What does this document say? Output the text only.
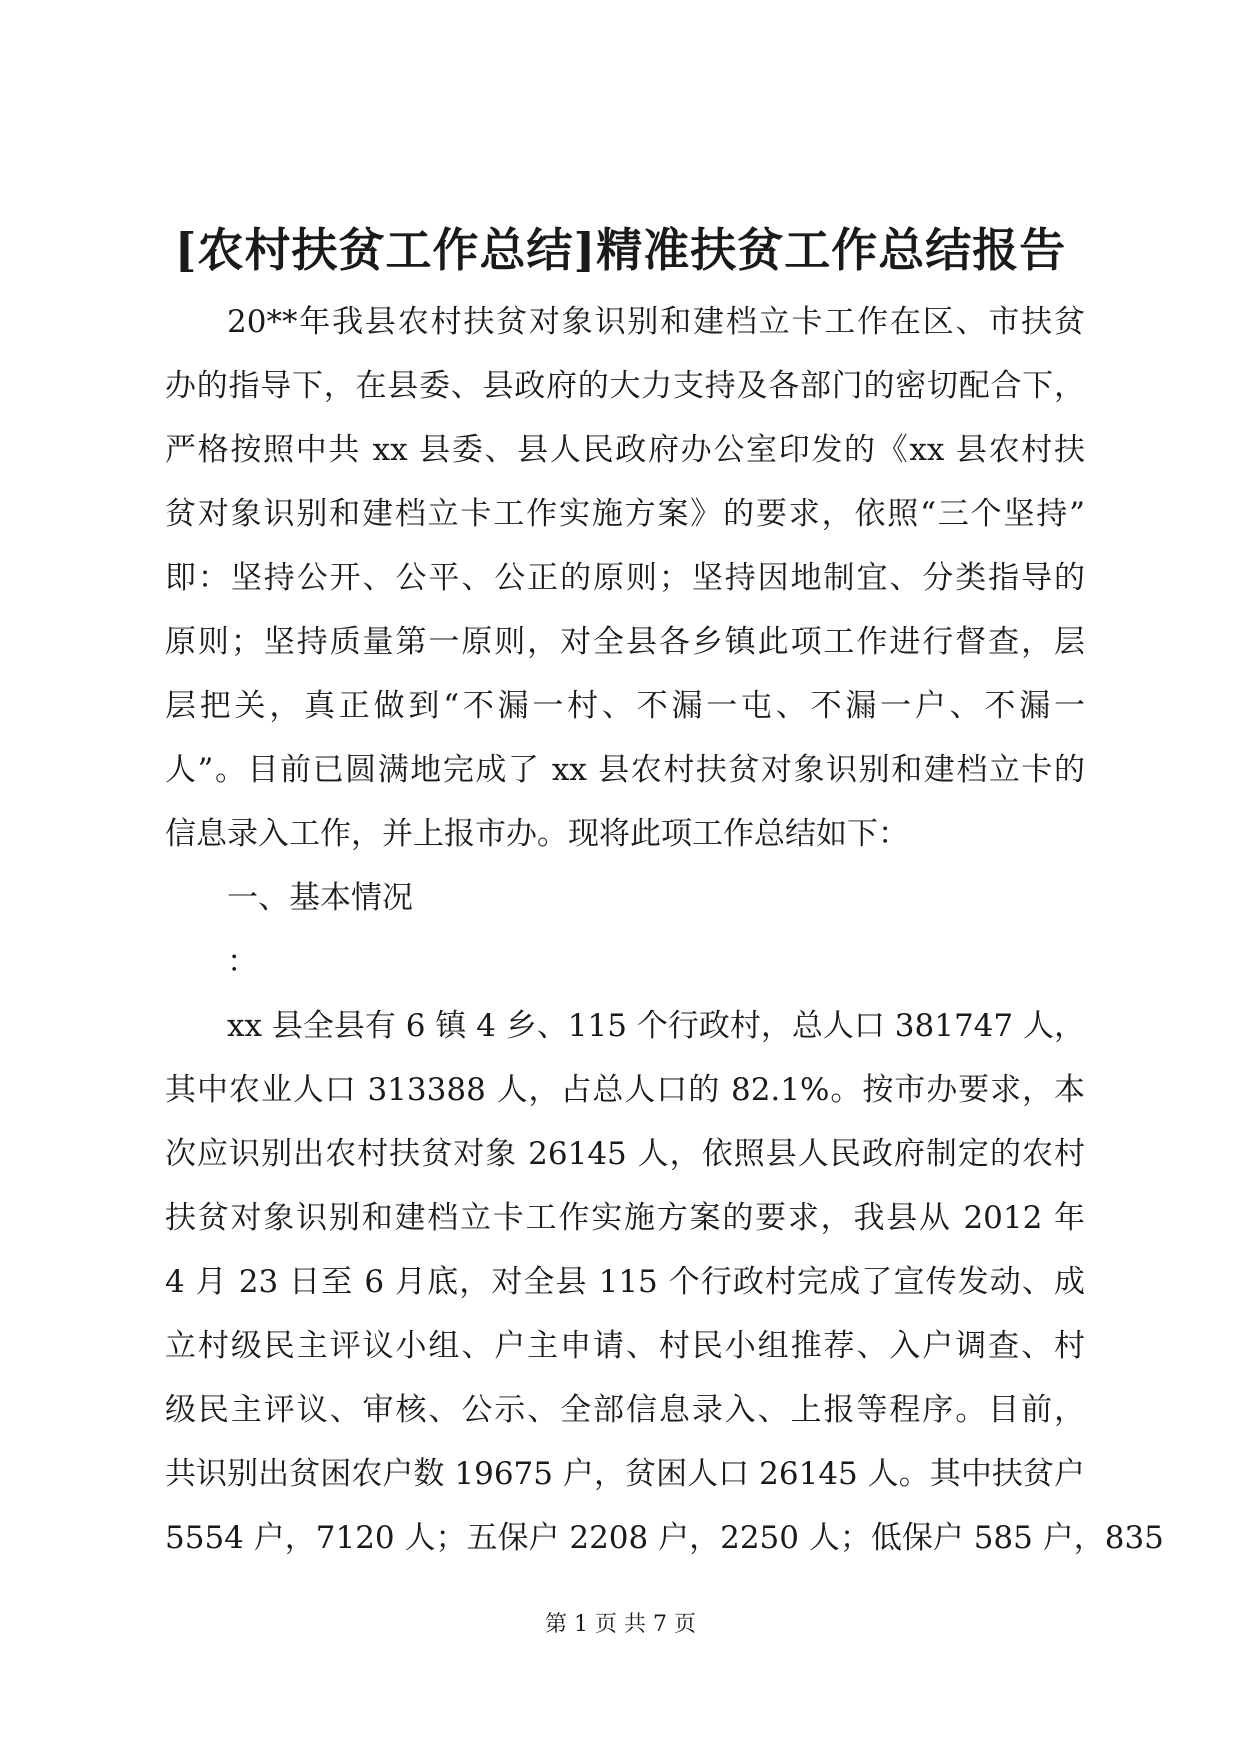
[农村扶贫工作总结]精准扶贫工作总结报告
20**年我县农村扶贫对象识别和建档立卡工作在区、市扶贫
办的指导下，在县委、县政府的大力支持及各部门的密切配合下，
严格按照中共 xx 县委、县人民政府办公室印发的《xx 县农村扶
贫对象识别和建档立卡工作实施方案》的要求，依照“三个坚持”
即：坚持公开、公平、公正的原则；坚持因地制宜、分类指导的
原则；坚持质量第一原则，对全县各乡镇此项工作进行督查，层
层把关，真正做到“不漏一村、不漏一屯、不漏一户、不漏一
人”。目前已圆满地完成了 xx 县农村扶贫对象识别和建档立卡的
信息录入工作，并上报市办。现将此项工作总结如下：
一、基本情况
：
xx 县全县有 6 镇 4 乡、115 个行政村，总人口 381747 人，
其中农业人口 313388 人，占总人口的 82.1%。按市办要求，本
次应识别出农村扶贫对象 26145 人，依照县人民政府制定的农村
扶贫对象识别和建档立卡工作实施方案的要求，我县从 2012 年
4 月 23 日至 6 月底，对全县 115 个行政村完成了宣传发动、成
立村级民主评议小组、户主申请、村民小组推荐、入户调查、村
级民主评议、审核、公示、全部信息录入、上报等程序。目前，
共识别出贫困农户数 19675 户，贫困人口 26145 人。其中扶贫户
5554 户，7120 人；五保户 2208 户，2250 人；低保户 585 户，835
第 1 页 共 7 页
